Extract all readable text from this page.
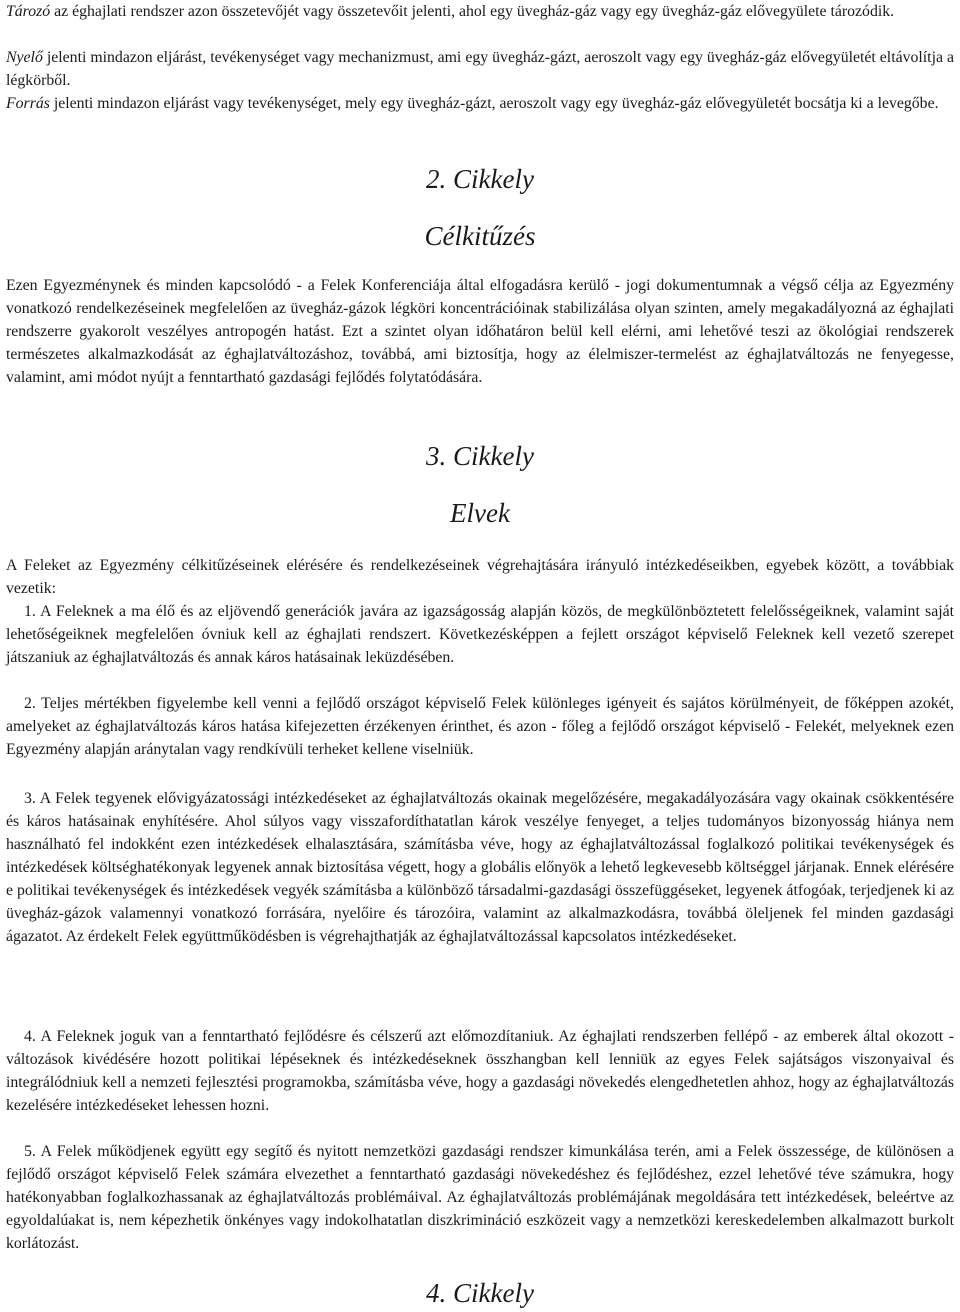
Tározó az éghajlati rendszer azon összetevőjét vagy összetevőit jelenti, ahol egy üvegház-gáz vagy egy üvegház-gáz elővegyülete tározódik.

Nyelő jelenti mindazon eljárást, tevékenységet vagy mechanizmust, ami egy üvegház-gázt, aeroszolt vagy egy üvegház-gáz elővegyületét eltávolítja a légkörből.

Forrás jelenti mindazon eljárást vagy tevékenységet, mely egy üvegház-gázt, aeroszolt vagy egy üvegház-gáz elővegyületét bocsátja ki a levegőbe.

2. Cikkely
Célkitűzés

Ezen Egyezménynek és minden kapcsolódó - a Felek Konferenciája által elfogadásra kerülő - jogi dokumentumnak a végső célja az Egyezmény vonatkozó rendelkezéseinek megfelelően az üvegház-gázok légköri koncentrációinak stabilizálása olyan szinten, amely megakadályozná az éghajlati rendszerre gyakorolt veszélyes antropogén hatást. Ezt a szintet olyan időhatáron belül kell elérni, ami lehetővé teszi az ökológiai rendszerek természetes alkalmazkodását az éghajlatváltozáshoz, továbbá, ami biztosítja, hogy az élelmiszer-termelést az éghajlatváltozás ne fenyegesse, valamint, ami módot nyújt a fenntartható gazdasági fejlődés folytatódására.

3. Cikkely
Elvek

A Feleket az Egyezmény célkitűzéseinek elérésére és rendelkezéseinek végrehajtására irányuló intézkedéseikben, egyebek között, a továbbiak vezetik:

1. A Feleknek a ma élő és az eljövendő generációk javára az igazságosság alapján közös, de megkülönböztetett felelősségeiknek, valamint saját lehetőségeiknek megfelelően óvniuk kell az éghajlati rendszert. Következésképpen a fejlett országot képviselő Feleknek kell vezető szerepet játszaniuk az éghajlatváltozás és annak káros hatásainak leküzdésében.

2. Teljes mértékben figyelembe kell venni a fejlődő országot képviselő Felek különleges igényeit és sajátos körülményeit, de főképpen azokét, amelyeket az éghajlatváltozás káros hatása kifejezetten érzékenyen érinthet, és azon - főleg a fejlődő országot képviselő - Felekét, melyeknek ezen Egyezmény alapján aránytalan vagy rendkívüli terheket kellene viselniük.

3. A Felek tegyenek elővigyázatossági intézkedéseket az éghajlatváltozás okainak megelőzésére, megakadályozására vagy okainak csökkentésére és káros hatásainak enyhítésére. Ahol súlyos vagy visszafordíthatatlan károk veszélye fenyeget, a teljes tudományos bizonyosság hiánya nem használható fel indokként ezen intézkedések elhalasztására, számításba véve, hogy az éghajlatváltozással foglalkozó politikai tevékenységek és intézkedések költséghatékonyak legyenek annak biztosítása végett, hogy a globális előnyök a lehető legkevesebb költséggel járjanak. Ennek elérésére e politikai tevékenységek és intézkedések vegyék számításba a különböző társadalmi-gazdasági összefüggéseket, legyenek átfogóak, terjedjenek ki az üvegház-gázok valamennyi vonatkozó forrására, nyelőire és tározóira, valamint az alkalmazkodásra, továbbá öleljenek fel minden gazdasági ágazatot. Az érdekelt Felek együttműködésben is végrehajthatják az éghajlatváltozással kapcsolatos intézkedéseket.

4. A Feleknek joguk van a fenntartható fejlődésre és célszerű azt előmozdítaniuk. Az éghajlati rendszerben fellépő - az emberek által okozott - változások kivédésére hozott politikai lépéseknek és intézkedéseknek összhangban kell lenniük az egyes Felek sajátságos viszonyaival és integrálódniuk kell a nemzeti fejlesztési programokba, számításba véve, hogy a gazdasági növekedés elengedhetetlen ahhoz, hogy az éghajlatváltozás kezelésére intézkedéseket lehessen hozni.

5. A Felek működjenek együtt egy segítő és nyitott nemzetközi gazdasági rendszer kimunkálása terén, ami a Felek összessége, de különösen a fejlődő országot képviselő Felek számára elvezethet a fenntartható gazdasági növekedéshez és fejlődéshez, ezzel lehetővé téve számukra, hogy hatékonyabban foglalkozhassanak az éghajlatváltozás problémáival. Az éghajlatváltozás problémájának megoldására tett intézkedések, beleértve az egyoldalúakat is, nem képezhetik önkényes vagy indokolhatatlan diszkrimináció eszközeit vagy a nemzetközi kereskedelemben alkalmazott burkolt korlátozást.

4. Cikkely
